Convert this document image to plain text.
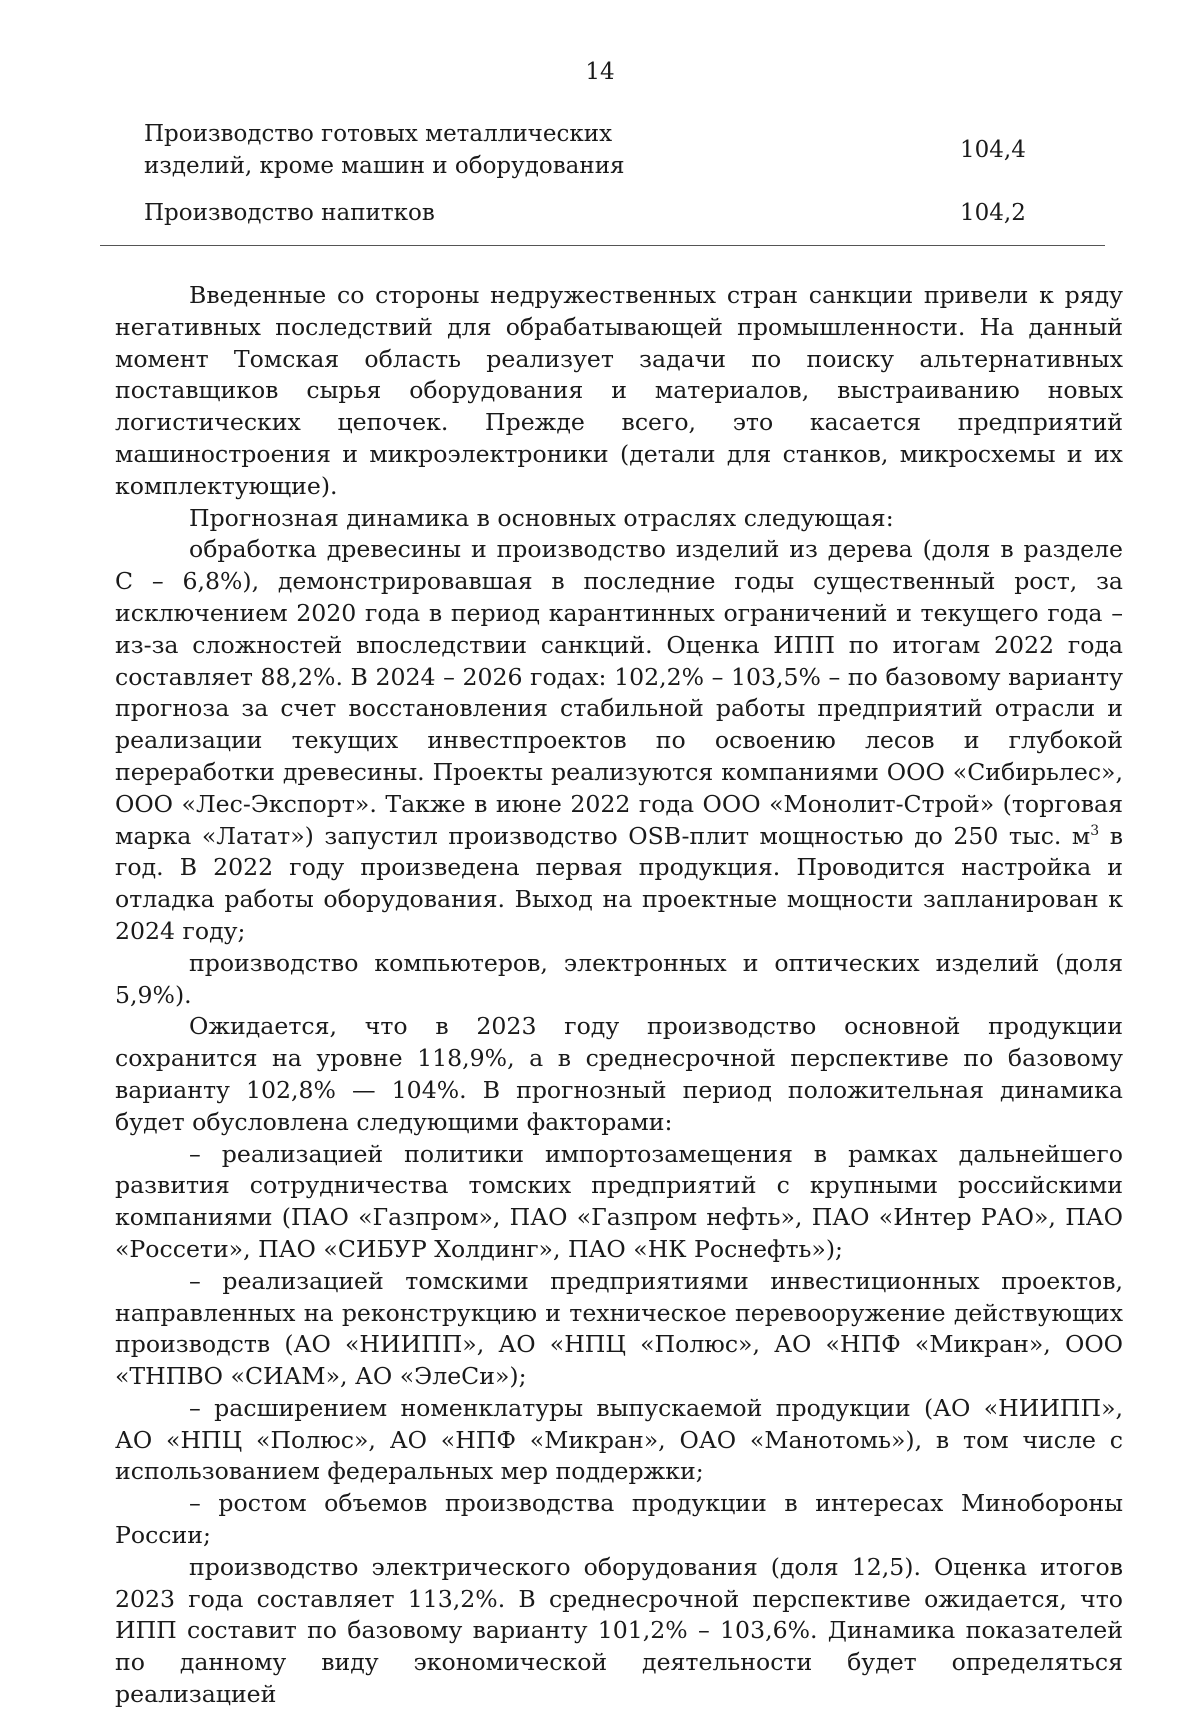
14
Производство готовых металлических
изделий, кроме машин и оборудования
104,4
Производство напитков	104,2

Введенные со стороны недружественных стран санкции привели к ряду негативных последствий для обрабатывающей промышленности. На данный момент Томская область реализует задачи по поиску альтернативных поставщиков сырья оборудования и материалов, выстраиванию новых логистических цепочек. Прежде всего, это касается предприятий машиностроения и микроэлектроники (детали для станков, микросхемы и их комплектующие).

Прогнозная динамика в основных отраслях следующая:

обработка древесины и производство изделий из дерева (доля в разделе С – 6,8%), демонстрировавшая в последние годы существенный рост, за исключением 2020 года в период карантинных ограничений и текущего года – из-за сложностей впоследствии санкций. Оценка ИПП по итогам 2022 года составляет 88,2%. В 2024 – 2026 годах: 102,2% – 103,5% – по базовому варианту прогноза за счет восстановления стабильной работы предприятий отрасли и реализации текущих инвестпроектов по освоению лесов и глубокой переработки древесины. Проекты реализуются компаниями ООО «Сибирьлес», ООО «Лес-Экспорт». Также в июне 2022 года ООО «Монолит-Строй» (торговая марка «Латат») запустил производство OSB-плит мощностью до 250 тыс. $м^3$ в год. В 2022 году произведена первая продукция. Проводится настройка и отладка работы оборудования. Выход на проектные мощности запланирован к 2024 году;

производство компьютеров, электронных и оптических изделий (доля 5,9%).

Ожидается, что в 2023 году производство основной продукции сохранится на уровне 118,9%, а в среднесрочной перспективе по базовому варианту 102,8% — 104%. В прогнозный период положительная динамика будет обусловлена следующими факторами:

– реализацией политики импортозамещения в рамках дальнейшего развития сотрудничества томских предприятий с крупными российскими компаниями (ПАО «Газпром», ПАО «Газпром нефть», ПАО «Интер РАО», ПАО «Россети», ПАО «СИБУР Холдинг», ПАО «НК Роснефть»);

– реализацией томскими предприятиями инвестиционных проектов, направленных на реконструкцию и техническое перевооружение действующих производств (АО «НИИПП», АО «НПЦ «Полюс», АО «НПФ «Микран», ООО «ТНПВО «СИАМ», АО «ЭлеСи»);

– расширением номенклатуры выпускаемой продукции (АО «НИИПП», АО «НПЦ «Полюс», АО «НПФ «Микран», ОАО «Манотомь»), в том числе с использованием федеральных мер поддержки;

– ростом объемов производства продукции в интересах Минобороны России;

производство электрического оборудования (доля 12,5). Оценка итогов 2023 года составляет 113,2%. В среднесрочной перспективе ожидается, что ИПП составит по базовому варианту 101,2% – 103,6%. Динамика показателей по данному виду экономической деятельности будет определяться реализацией
